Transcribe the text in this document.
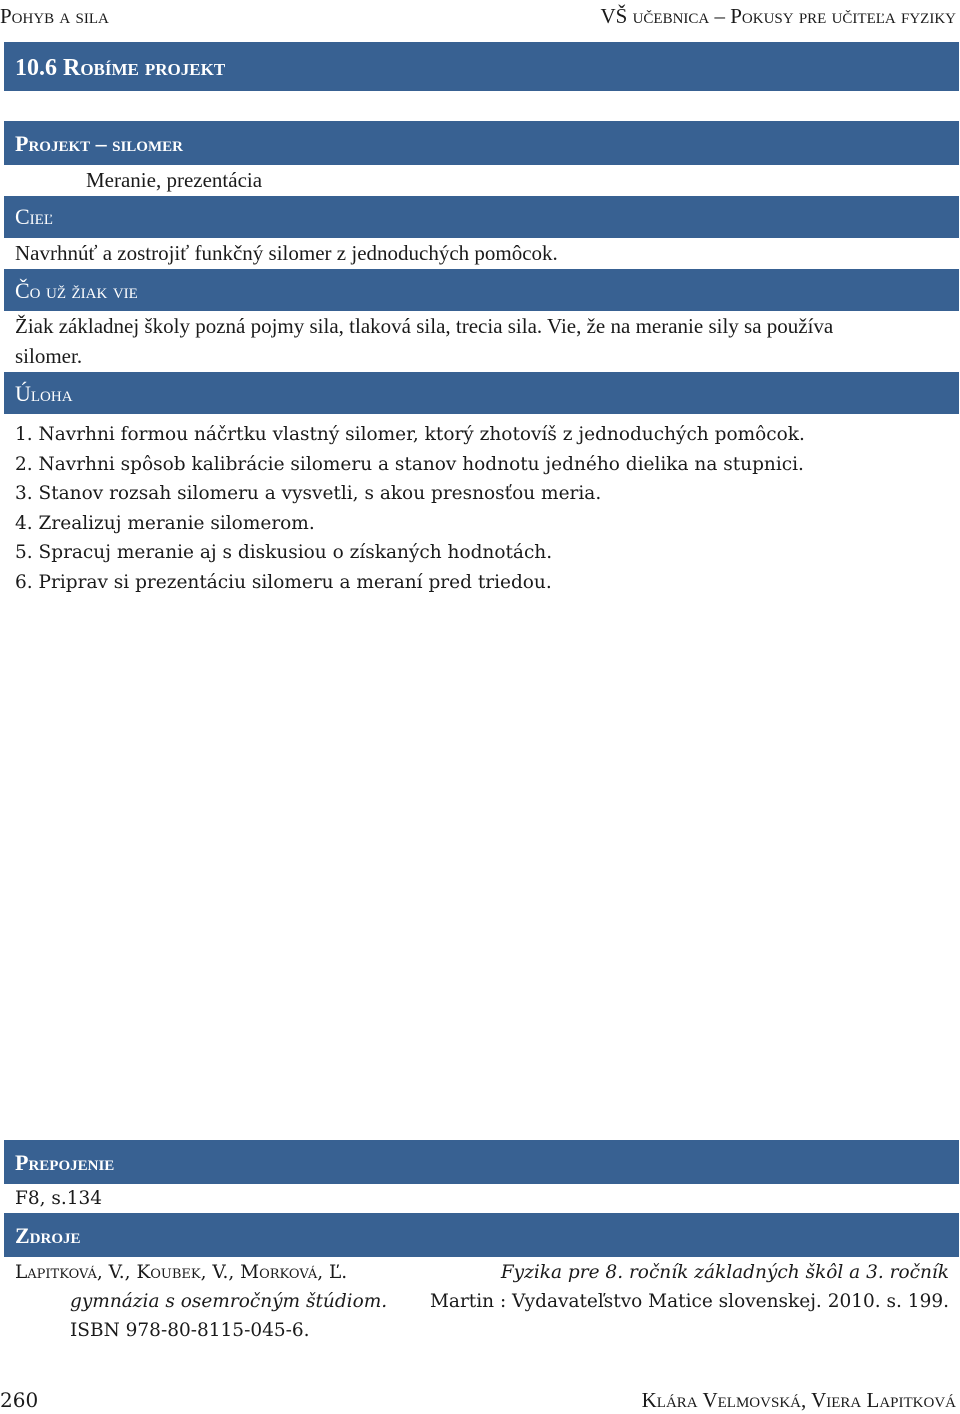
Pohyb a sila	VŠ učebnica – Pokusy pre učiteľa fyziky
10.6 Robíme projekt
Projekt – silomer
Meranie, prezentácia
Cieľ
Navrhnúť a zostrojiť funkčný silomer z jednoduchých pomôcok.
Čo už žiak vie
Žiak základnej školy pozná pojmy sila, tlaková sila, trecia sila. Vie, že na meranie sily sa používa
silomer.
Úloha
1. Navrhni formou náčrtku vlastný silomer, ktorý zhotovíš z jednoduchých pomôcok.
2. Navrhni spôsob kalibrácie silomeru a stanov hodnotu jedného dielika na stupnici.
3. Stanov rozsah silomeru a vysvetli, s akou presnosťou meria.
4. Zrealizuj meranie silomerom.
5. Spracuj meranie aj s diskusiou o získaných hodnotách.
6. Priprav si prezentáciu silomeru a meraní pred triedou.
Prepojenie
F8, s.134
Zdroje
Lapitková, V., Koubek, V., Morková, Ľ.	Fyzika pre 8. ročník základných škôl a 3. ročník
gymnázia s osemročným štúdiom. Martin : Vydavateľstvo Matice slovenskej. 2010. s. 199.
ISBN 978-80-8115-045-6.
260	Klára Velmovská, Viera Lapitková
